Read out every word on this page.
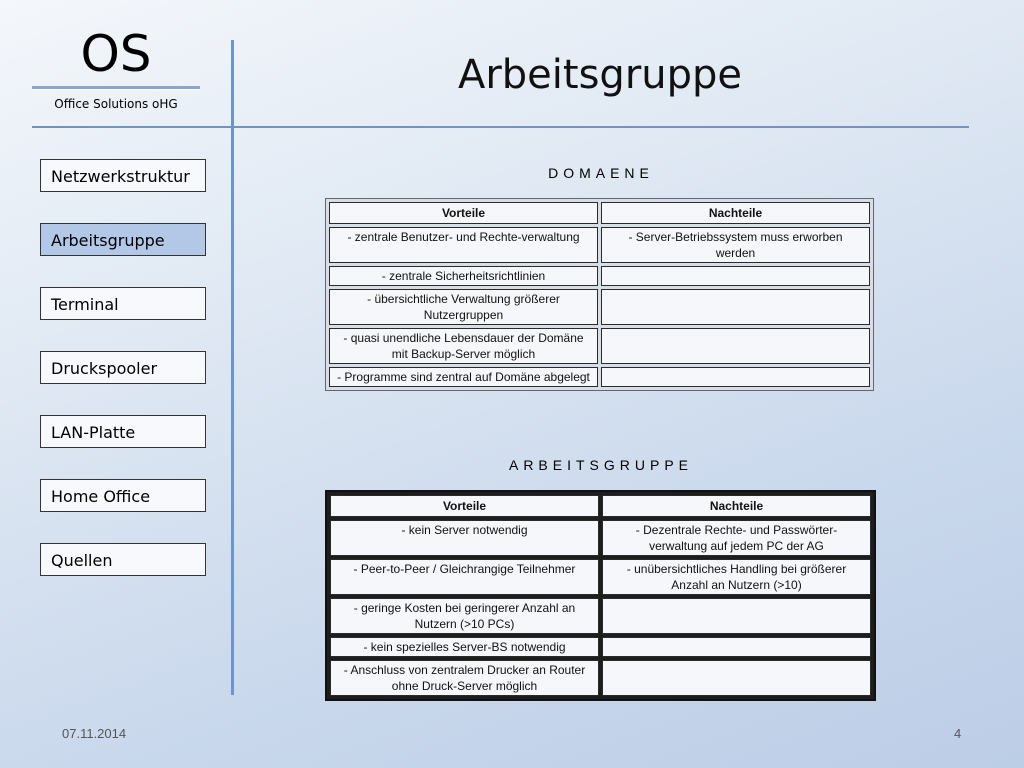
OS
Office Solutions oHG
Arbeitsgruppe
Netzwerkstruktur
Arbeitsgruppe
Terminal
Druckspooler
LAN-Platte
Home Office
Quellen
DOMAENE
Vorteile	Nachteile
- zentrale Benutzer- und Rechte-verwaltung	- Server-Betriebssystem muss erworben werden
- zentrale Sicherheitsrichtlinien	
- übersichtliche Verwaltung größerer Nutzergruppen	
- quasi unendliche Lebensdauer der Domäne mit Backup-Server möglich	
- Programme sind zentral auf Domäne abgelegt	
ARBEITSGRUPPE
Vorteile	Nachteile
- kein Server notwendig	- Dezentrale Rechte- und Passwörter-verwaltung auf jedem PC der AG
- Peer-to-Peer / Gleichrangige Teilnehmer	- unübersichtliches Handling bei größerer Anzahl an Nutzern (>10)
- geringe Kosten bei geringerer Anzahl an Nutzern (>10 PCs)	
- kein spezielles Server-BS notwendig	
- Anschluss von zentralem Drucker an Router ohne Druck-Server möglich	
07.11.2014	4
